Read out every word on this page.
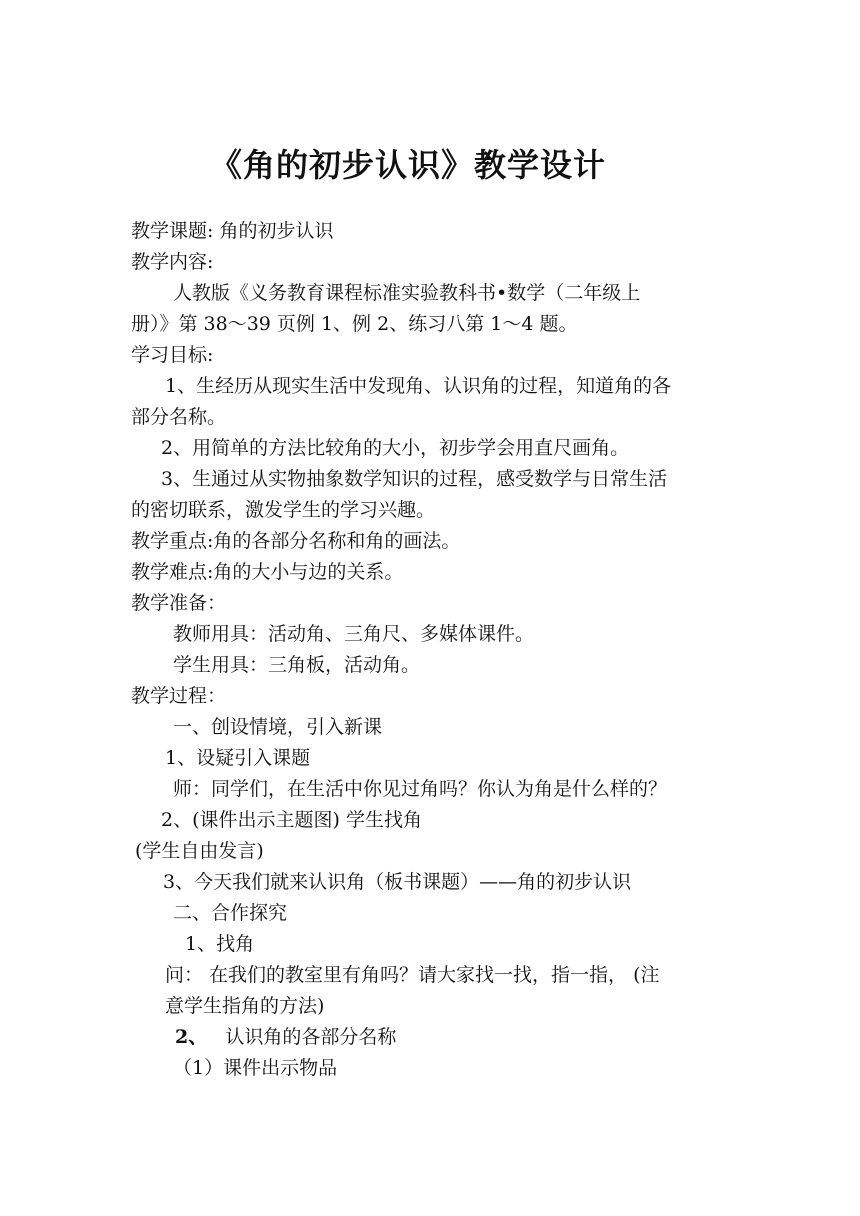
《角的初步认识》教学设计
教学课题: 角的初步认识
教学内容:
人教版《义务教育课程标准实验教科书•数学（二年级上
册）》第 38～39 页例 1、例 2、练习八第 1～4 题。
学习目标:
1、生经历从现实生活中发现角、认识角的过程，知道角的各
部分名称。
2、用简单的方法比较角的大小，初步学会用直尺画角。
3、生通过从实物抽象数学知识的过程，感受数学与日常生活
的密切联系，激发学生的学习兴趣。
教学重点:角的各部分名称和角的画法。
教学难点:角的大小与边的关系。
教学准备：
教师用具：活动角、三角尺、多媒体课件。
学生用具：三角板，活动角。
教学过程：
一、创设情境，引入新课
1、设疑引入课题
师：同学们，在生活中你见过角吗？你认为角是什么样的？
2、(课件出示主题图) 学生找角
(学生自由发言)
3、今天我们就来认识角（板书课题）——角的初步认识
二、合作探究
1、找角
问： 在我们的教室里有角吗？请大家找一找，指一指， (注
意学生指角的方法)
2、 认识角的各部分名称
（1）课件出示物品
